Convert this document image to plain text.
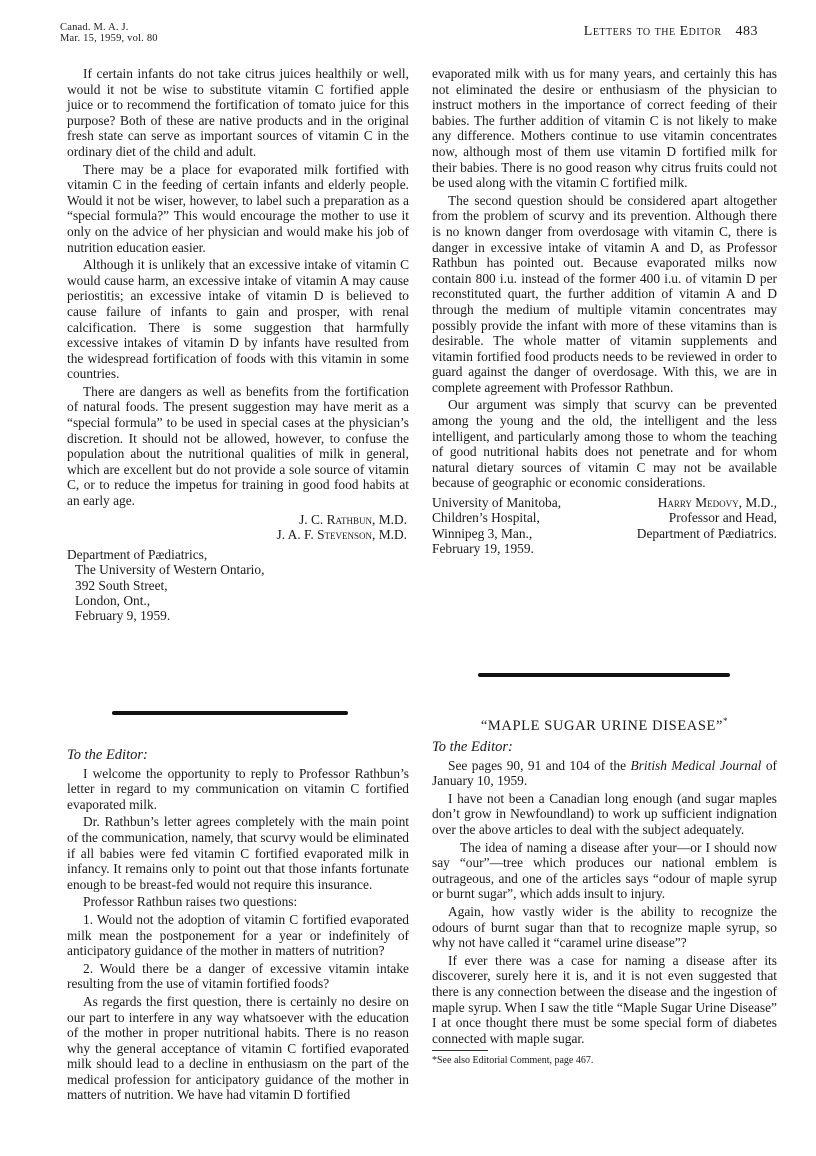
Canad. M. A. J.
Mar. 15, 1959, vol. 80	Letters to the Editor 483

If certain infants do not take citrus juices healthily or well, would it not be wise to substitute vitamin C fortified apple juice or to recommend the fortification of tomato juice for this purpose? Both of these are native products and in the original fresh state can serve as important sources of vitamin C in the ordinary diet of the child and adult.

There may be a place for evaporated milk fortified with vitamin C in the feeding of certain infants and elderly people. Would it not be wiser, however, to label such a preparation as a “special formula?” This would encourage the mother to use it only on the advice of her physician and would make his job of nutrition education easier.

Although it is unlikely that an excessive intake of vitamin C would cause harm, an excessive intake of vitamin A may cause periostitis; an excessive intake of vitamin D is believed to cause failure of infants to gain and prosper, with renal calcification. There is some suggestion that harmfully excessive intakes of vitamin D by infants have resulted from the widespread fortification of foods with this vitamin in some countries.

There are dangers as well as benefits from the fortification of natural foods. The present suggestion may have merit as a “special formula” to be used in special cases at the physician’s discretion. It should not be allowed, however, to confuse the population about the nutritional qualities of milk in general, which are excellent but do not provide a sole source of vitamin C, or to reduce the impetus for training in good food habits at an early age.

J. C. Rathbun, M.D.
J. A. F. Stevenson, M.D.
Department of Pædiatrics,
The University of Western Ontario,
392 South Street,
London, Ont.,
February 9, 1959.
To the Editor:

I welcome the opportunity to reply to Professor Rathbun’s letter in regard to my communication on vitamin C fortified evaporated milk.

Dr. Rathbun’s letter agrees completely with the main point of the communication, namely, that scurvy would be eliminated if all babies were fed vitamin C fortified evaporated milk in infancy. It remains only to point out that those infants fortunate enough to be breast-fed would not require this insurance.

Professor Rathbun raises two questions:

1. Would not the adoption of vitamin C fortified evaporated milk mean the postponement for a year or indefinitely of anticipatory guidance of the mother in matters of nutrition?

2. Would there be a danger of excessive vitamin intake resulting from the use of vitamin fortified foods?

As regards the first question, there is certainly no desire on our part to interfere in any way whatsoever with the education of the mother in proper nutritional habits. There is no reason why the general acceptance of vitamin C fortified evaporated milk should lead to a decline in enthusiasm on the part of the medical profession for anticipatory guidance of the mother in matters of nutrition. We have had vitamin D fortified

evaporated milk with us for many years, and certainly this has not eliminated the desire or enthusiasm of the physician to instruct mothers in the importance of correct feeding of their babies. The further addition of vitamin C is not likely to make any difference. Mothers continue to use vitamin concentrates now, although most of them use vitamin D fortified milk for their babies. There is no good reason why citrus fruits could not be used along with the vitamin C fortified milk.

The second question should be considered apart altogether from the problem of scurvy and its prevention. Although there is no known danger from overdosage with vitamin C, there is danger in excessive intake of vitamin A and D, as Professor Rathbun has pointed out. Because evaporated milks now contain 800 i.u. instead of the former 400 i.u. of vitamin D per reconstituted quart, the further addition of vitamin A and D through the medium of multiple vitamin concentrates may possibly provide the infant with more of these vitamins than is desirable. The whole matter of vitamin supplements and vitamin fortified food products needs to be reviewed in order to guard against the danger of overdosage. With this, we are in complete agreement with Professor Rathbun.

Our argument was simply that scurvy can be prevented among the young and the old, the intelligent and the less intelligent, and particularly among those to whom the teaching of good nutritional habits does not penetrate and for whom natural dietary sources of vitamin C may not be available because of geographic or economic considerations.

University of Manitoba,
Children’s Hospital,
Winnipeg 3, Man.,
February 19, 1959.
Harry Medovy, M.D.,
Professor and Head,
Department of Pædiatrics.
“MAPLE SUGAR URINE DISEASE”*
To the Editor:

See pages 90, 91 and 104 of the British Medical Journal of January 10, 1959.

I have not been a Canadian long enough (and sugar maples don’t grow in Newfoundland) to work up sufficient indignation over the above articles to deal with the subject adequately.

The idea of naming a disease after your—or I should now say “our”—tree which produces our national emblem is outrageous, and one of the articles says “odour of maple syrup or burnt sugar”, which adds insult to injury.

Again, how vastly wider is the ability to recognize the odours of burnt sugar than that to recognize maple syrup, so why not have called it “caramel urine disease”?

If ever there was a case for naming a disease after its discoverer, surely here it is, and it is not even suggested that there is any connection between the disease and the ingestion of maple syrup. When I saw the title “Maple Sugar Urine Disease” I at once thought there must be some special form of diabetes connected with maple sugar.

*See also Editorial Comment, page 467.
